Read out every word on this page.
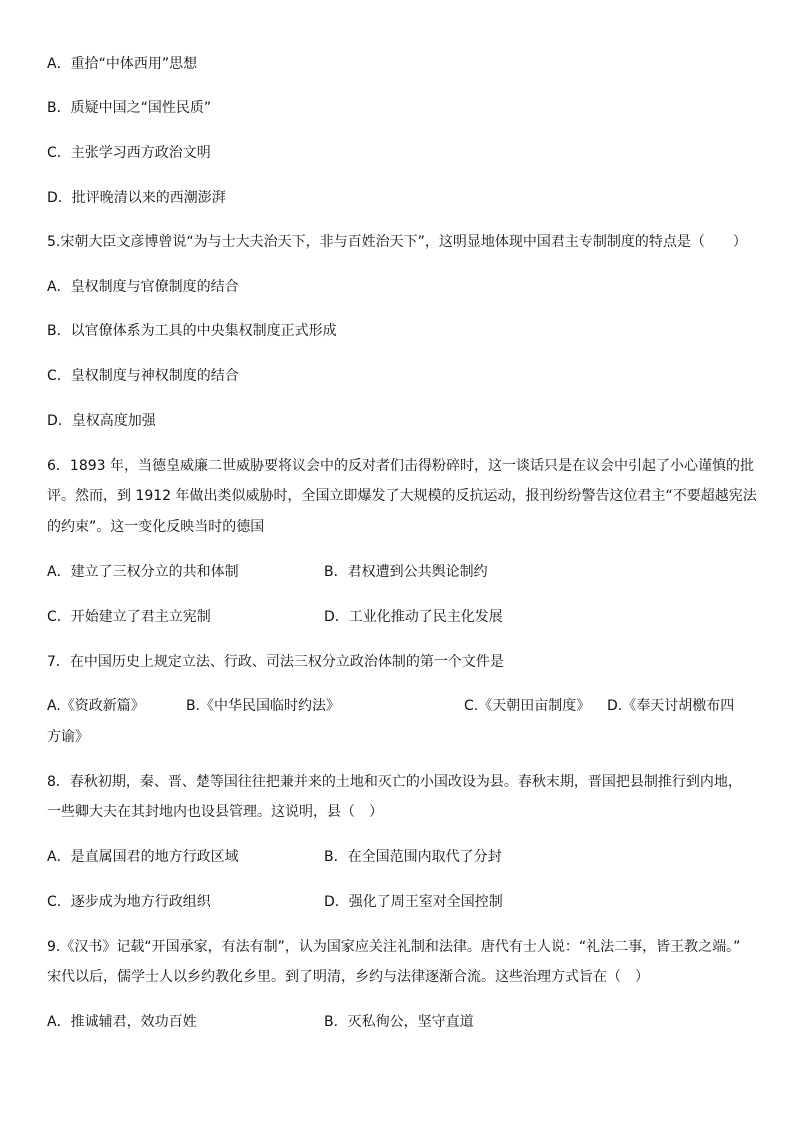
A．重拾“中体西用”思想
B．质疑中国之“国性民质”
C．主张学习西方政治文明
D．批评晚清以来的西潮澎湃
5.宋朝大臣文彦博曾说“为与士大夫治天下，非与百姓治天下”，这明显地体现中国君主专制制度的特点是（　　）
A．皇权制度与官僚制度的结合
B．以官僚体系为工具的中央集权制度正式形成
C．皇权制度与神权制度的结合
D．皇权高度加强
6．1893 年，当德皇威廉二世威胁要将议会中的反对者们击得粉碎时，这一谈话只是在议会中引起了小心谨慎的批
评。然而，到 1912 年做出类似威胁时，全国立即爆发了大规模的反抗运动，报刊纷纷警告这位君主“不要超越宪法
的约束”。这一变化反映当时的德国
A．建立了三权分立的共和体制	B．君权遭到公共舆论制约
C．开始建立了君主立宪制	D．工业化推动了民主化发展
7．在中国历史上规定立法、行政、司法三权分立政治体制的第一个文件是
A.《资政新篇》	B.《中华民国临时约法》	C.《天朝田亩制度》 D.《奉天讨胡檄布四
方谕》
8．春秋初期，秦、晋、楚等国往往把兼并来的土地和灭亡的小国改设为县。春秋末期，晋国把县制推行到内地，
一些卿大夫在其封地内也设县管理。这说明，县（　）
A．是直属国君的地方行政区域	B．在全国范围内取代了分封
C．逐步成为地方行政组织	D．强化了周王室对全国控制
9.《汉书》记载“开国承家，有法有制”，认为国家应关注礼制和法律。唐代有士人说：“礼法二事，皆王教之端。”
宋代以后，儒学士人以乡约教化乡里。到了明清，乡约与法律逐渐合流。这些治理方式旨在（　）
A．推诚辅君，效功百姓	B．灭私徇公，坚守直道
